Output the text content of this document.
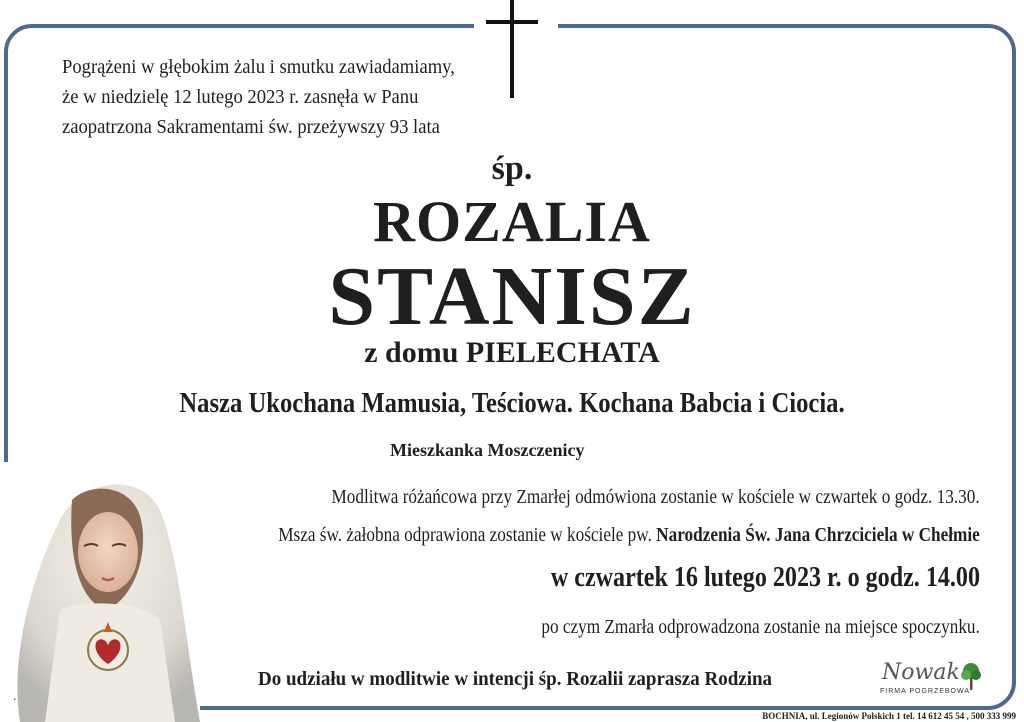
Pogrążeni w głębokim żalu i smutku zawiadamiamy,
że w niedzielę 12 lutego 2023 r. zasnęła w Panu
zaopatrzona Sakramentami św. przeżywszy 93 lata
śp.
ROZALIA
STANISZ
z domu PIELECHATA
Nasza Ukochana Mamusia, Teściowa. Kochana Babcia i Ciocia.
Mieszkanka Moszczenicy
Modlitwa różańcowa przy Zmarłej odmówiona zostanie w kościele w czwartek o godz. 13.30.
Msza św. żałobna odprawiona zostanie w kościele pw. Narodzenia Św. Jana Chrzciciela w Chełmie
w czwartek 16 lutego 2023 r. o godz. 14.00
po czym Zmarła odprowadzona zostanie na miejsce spoczynku.
Do udziału w modlitwie w intencji śp. Rozalii zaprasza Rodzina	Nowak
FIRMA POGRZEBOWA
BOCHNIA, ul. Legionów Polskich 1 tel. 14 612 45 54 , 500 333 999
